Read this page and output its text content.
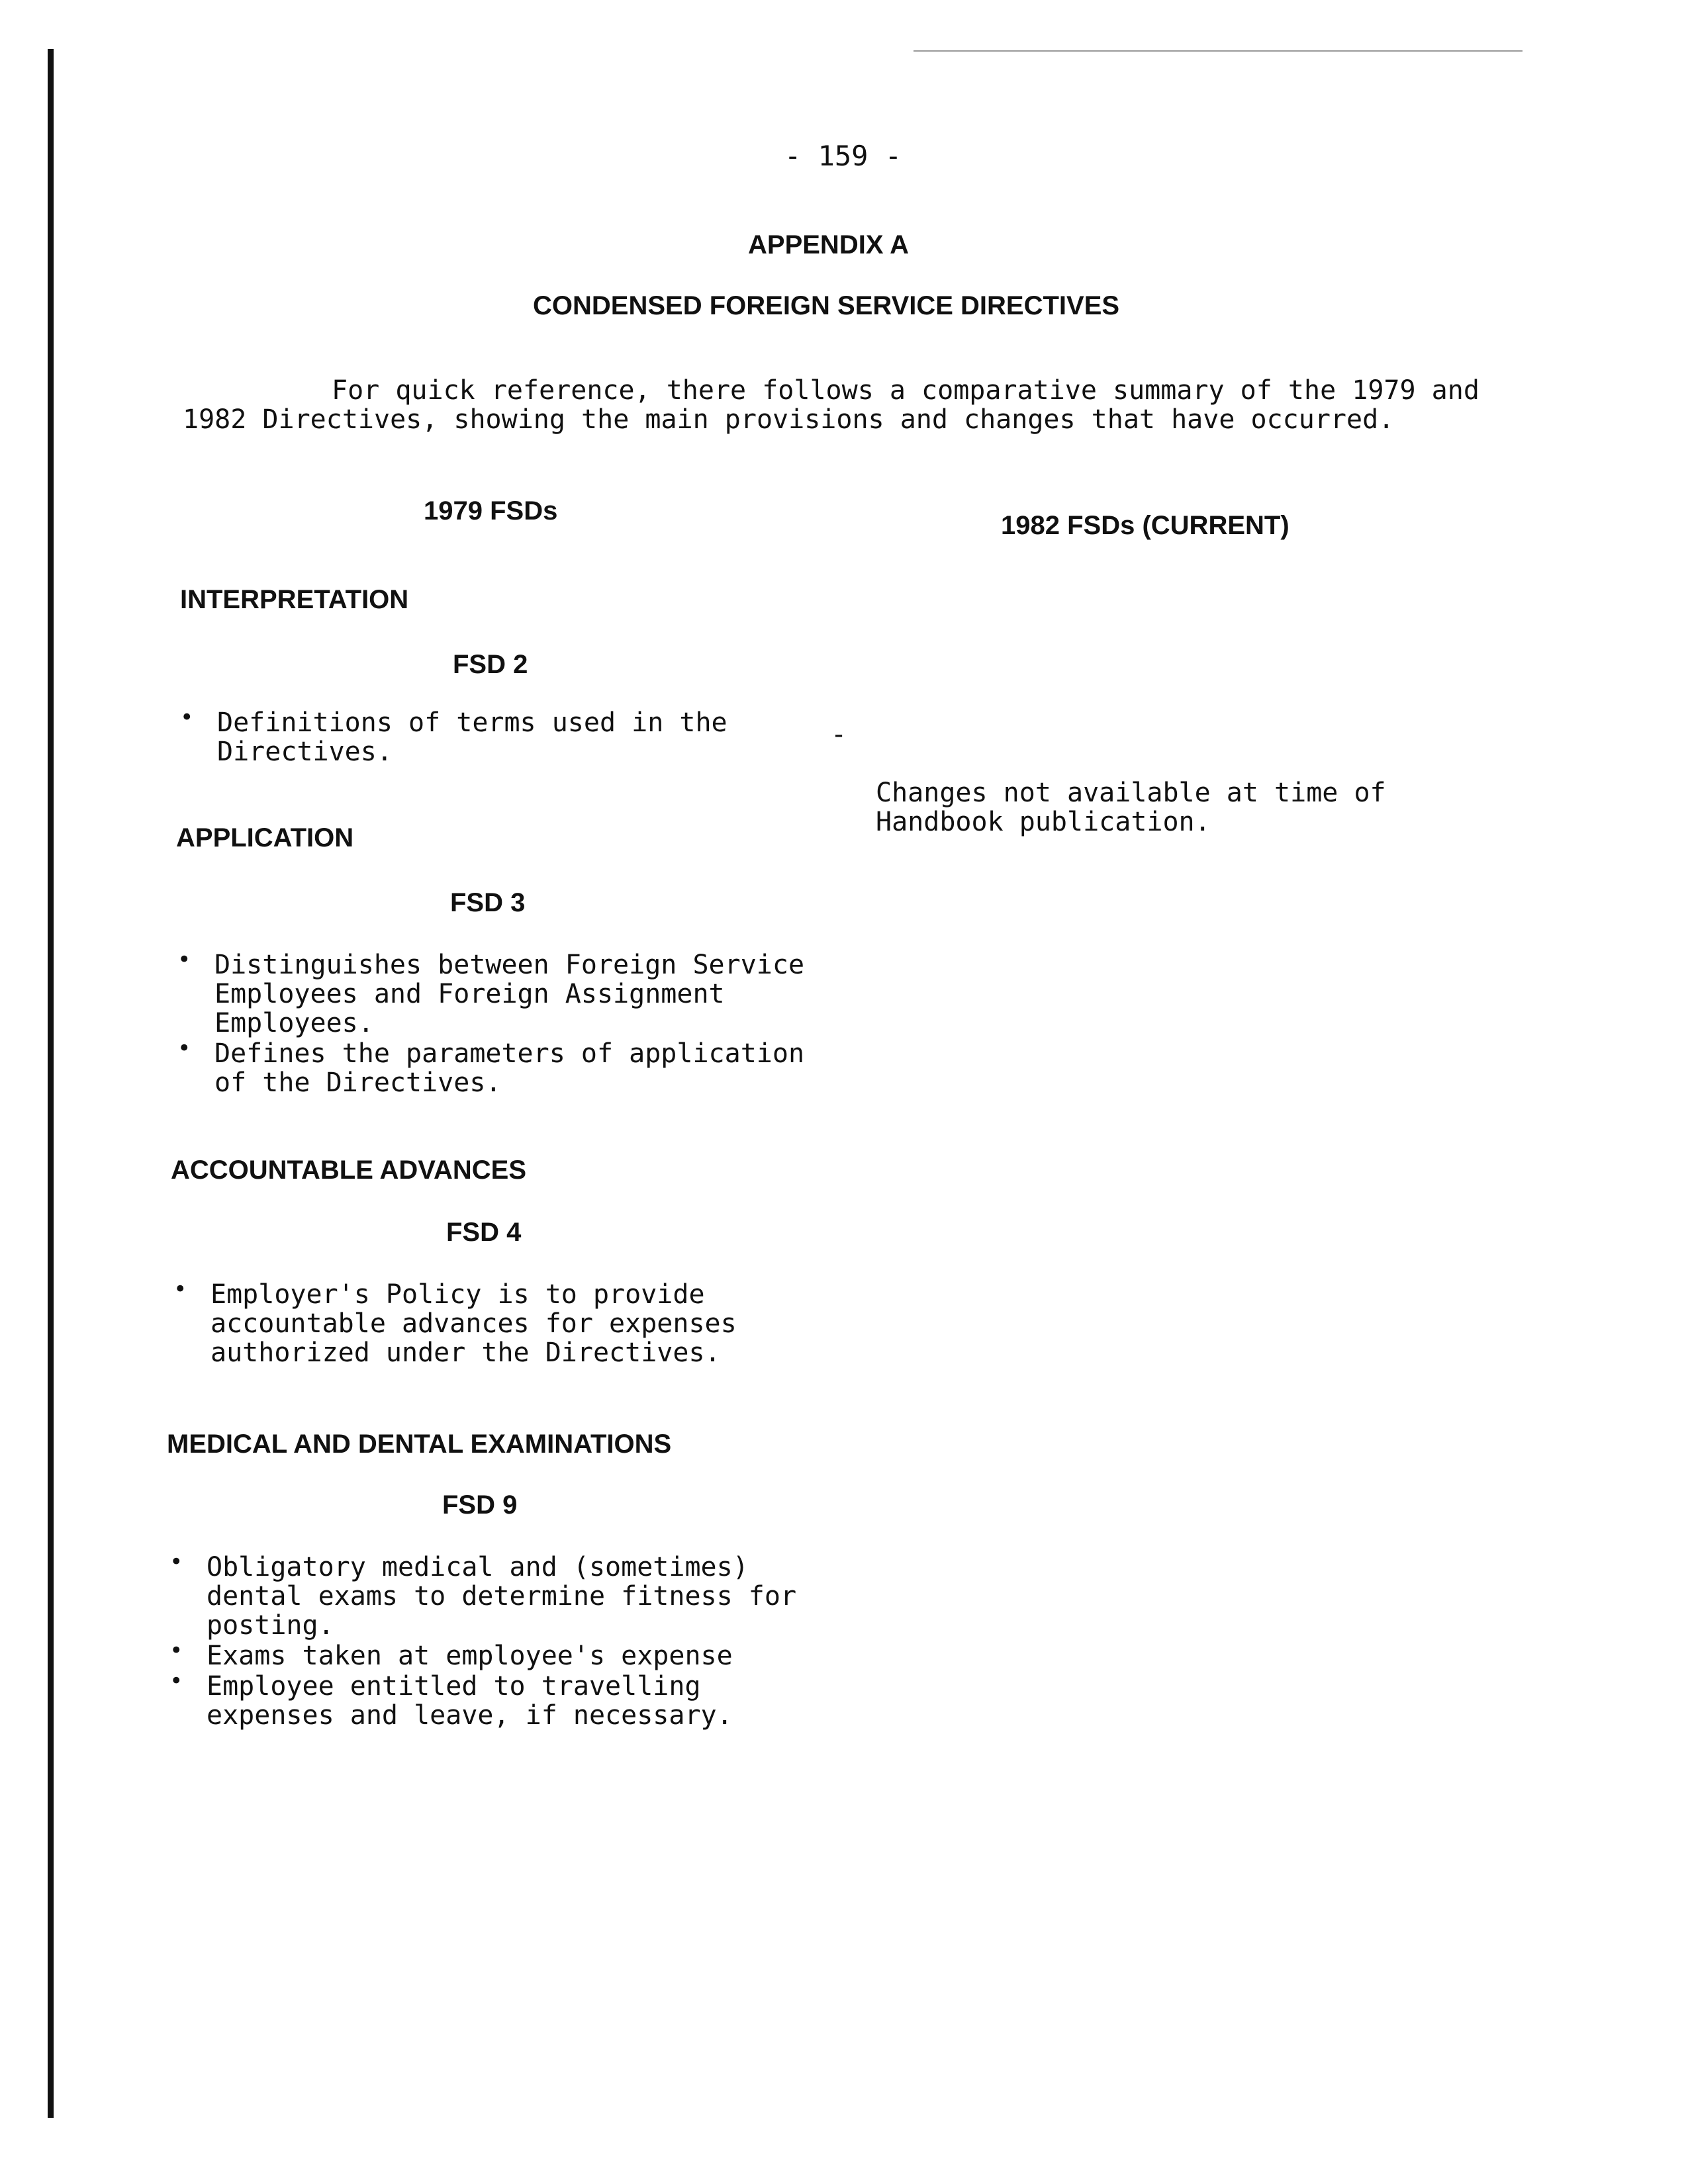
- 159 -
APPENDIX A
CONDENSED FOREIGN SERVICE DIRECTIVES
For quick reference, there follows a comparative summary of the 1979 and
1982 Directives, showing the main provisions and changes that have occurred.
1979 FSDs	1982 FSDs (CURRENT)
INTERPRETATION
FSD 2
• Definitions of terms used in the
Directives.

-

Changes not available at time of
Handbook publication.

APPLICATION
FSD 3
• Distinguishes between Foreign Service
Employees and Foreign Assignment
Employees.
• Defines the parameters of application
of the Directives.
ACCOUNTABLE ADVANCES
FSD 4
• Employer's Policy is to provide
accountable advances for expenses
authorized under the Directives.
MEDICAL AND DENTAL EXAMINATIONS
FSD 9
• Obligatory medical and (sometimes)
dental exams to determine fitness for
posting.
• Exams taken at employee's expense
• Employee entitled to travelling
expenses and leave, if necessary.
